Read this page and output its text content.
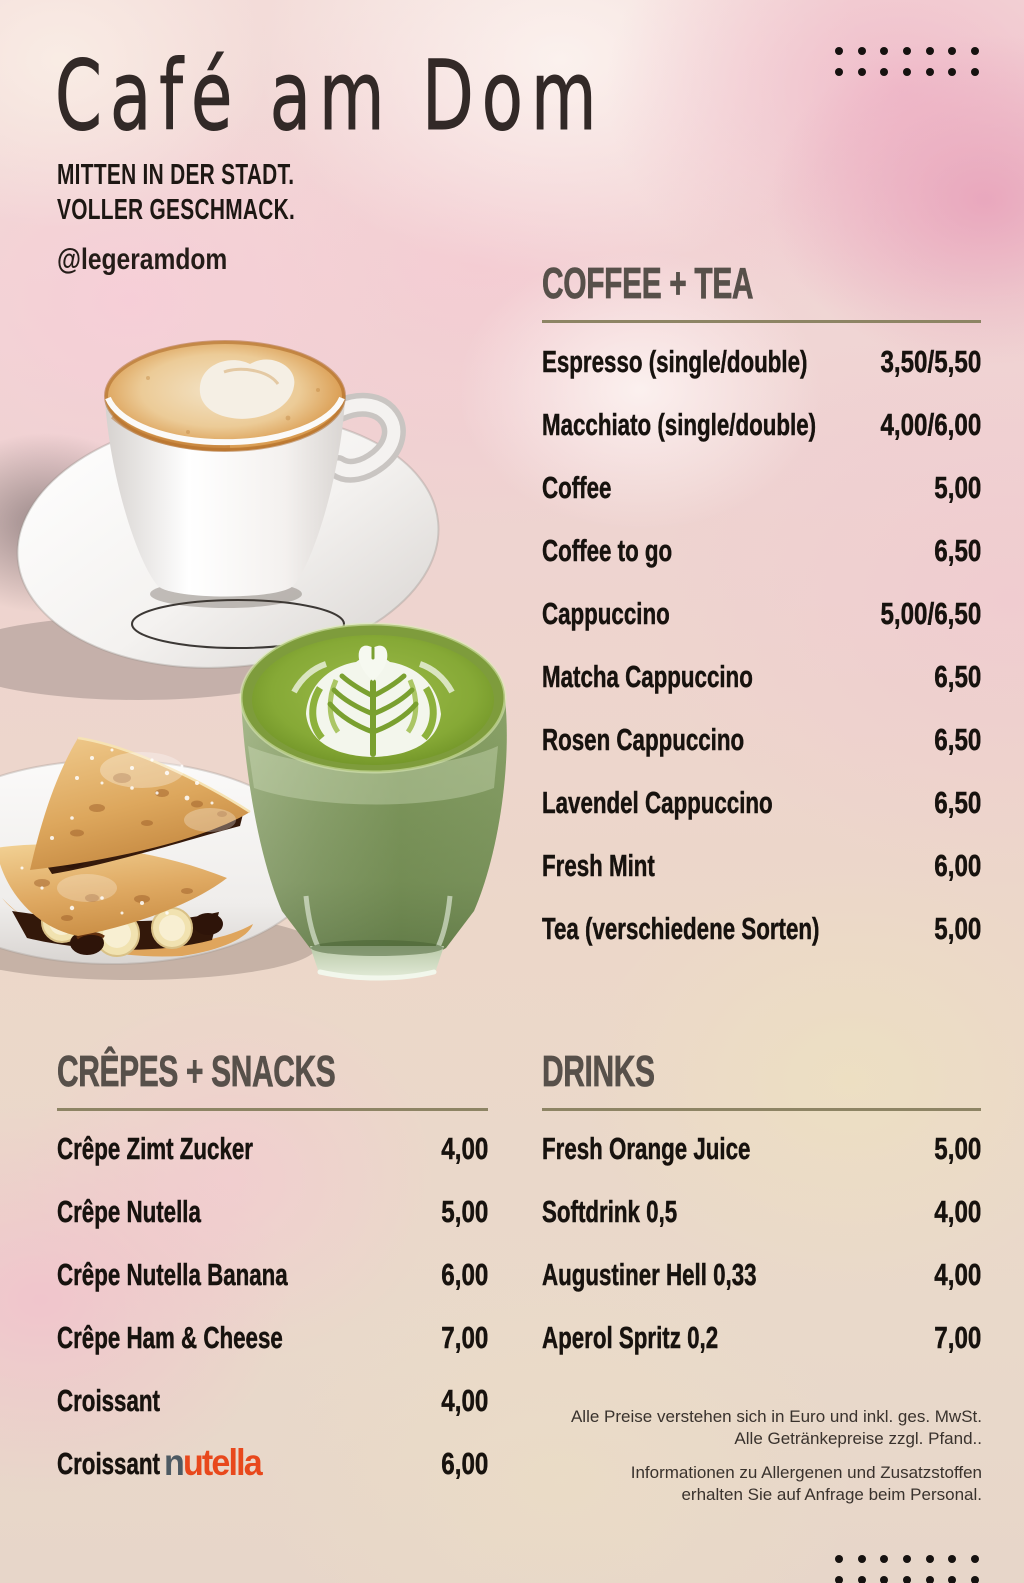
Café am Dom
MITTEN IN DER STADT.
VOLLER GESCHMACK.
@legeramdom	COFFEE + TEA
Espresso (single/double) 3,50/5,50
Macchiato (single/double) 4,00/6,00
Coffee	5,00
Coffee to go	6,50
Cappuccino	5,00/6,50
Matcha Cappuccino	6,50
Rosen Cappuccino	6,50
Lavendel Cappuccino	6,50
Fresh Mint	6,00
Tea (verschiedene Sorten)	5,00
CRÊPES + SNACKS
Crêpe Zimt Zucker	4,00
Crêpe Nutella	5,00
Crêpe Nutella Banana	6,00
Crêpe Ham & Cheese	7,00
Croissant	4,00
Croissant nutella	6,00
DRINKS
Fresh Orange Juice	5,00
Softdrink 0,5	4,00
Augustiner Hell 0,33	4,00
Aperol Spritz 0,2	7,00

Alle Preise verstehen sich in Euro und inkl. ges. MwSt.
Alle Getränkepreise zzgl. Pfand..

Informationen zu Allergenen und Zusatzstoffen
erhalten Sie auf Anfrage beim Personal.
